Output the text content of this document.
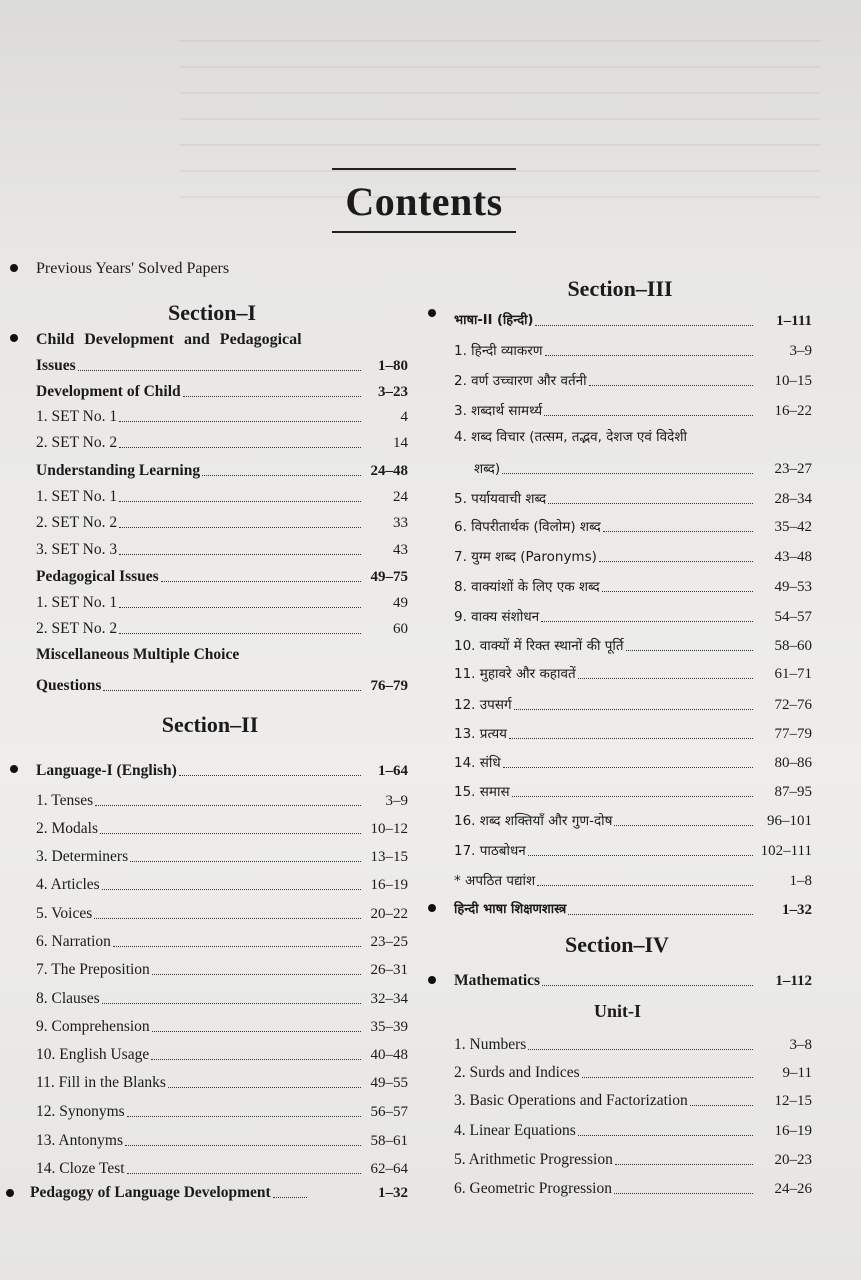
Contents
Previous Years' Solved Papers
Section–I
Child Development and Pedagogical
Issues	1–80
Development of Child	3–23
1. SET No. 1	4
2. SET No. 2	14
Understanding Learning	24–48
1. SET No. 1	24
2. SET No. 2	33
3. SET No. 3	43
Pedagogical Issues	49–75
1. SET No. 1	49
2. SET No. 2	60
Miscellaneous Multiple Choice
Questions	76–79
Section–II
Language-I (English)	1–64
1. Tenses	3–9
2. Modals	10–12
3. Determiners	13–15
4. Articles	16–19
5. Voices	20–22
6. Narration	23–25
7. The Preposition	26–31
8. Clauses	32–34
9. Comprehension	35–39
10. English Usage	40–48
11. Fill in the Blanks	49–55
12. Synonyms	56–57
13. Antonyms	58–61
14. Cloze Test	62–64
Pedagogy of Language Development	1–32
Section–III
भाषा-II (हिन्दी)	1–111
1. हिन्दी व्याकरण	3–9
2. वर्ण उच्चारण और वर्तनी	10–15
3. शब्दार्थ सामर्थ्य	16–22
4. शब्द विचार (तत्सम, तद्भव, देशज एवं विदेशी
शब्द)	23–27
5. पर्यायवाची शब्द	28–34
6. विपरीतार्थक (विलोम) शब्द	35–42
7. युग्म शब्द (Paronyms)	43–48
8. वाक्यांशों के लिए एक शब्द	49–53
9. वाक्य संशोधन	54–57
10. वाक्यों में रिक्त स्थानों की पूर्ति	58–60
11. मुहावरे और कहावतें	61–71
12. उपसर्ग	72–76
13. प्रत्यय	77–79
14. संधि	80–86
15. समास	87–95
16. शब्द शक्तियाँ और गुण-दोष	96–101
17. पाठबोधन	102–111
* अपठित पद्यांश	1–8
हिन्दी भाषा शिक्षणशास्त्र	1–32
Section–IV
Mathematics	1–112
Unit-I
1. Numbers	3–8
2. Surds and Indices	9–11
3. Basic Operations and Factorization	12–15
4. Linear Equations	16–19
5. Arithmetic Progression	20–23
6. Geometric Progression	24–26
